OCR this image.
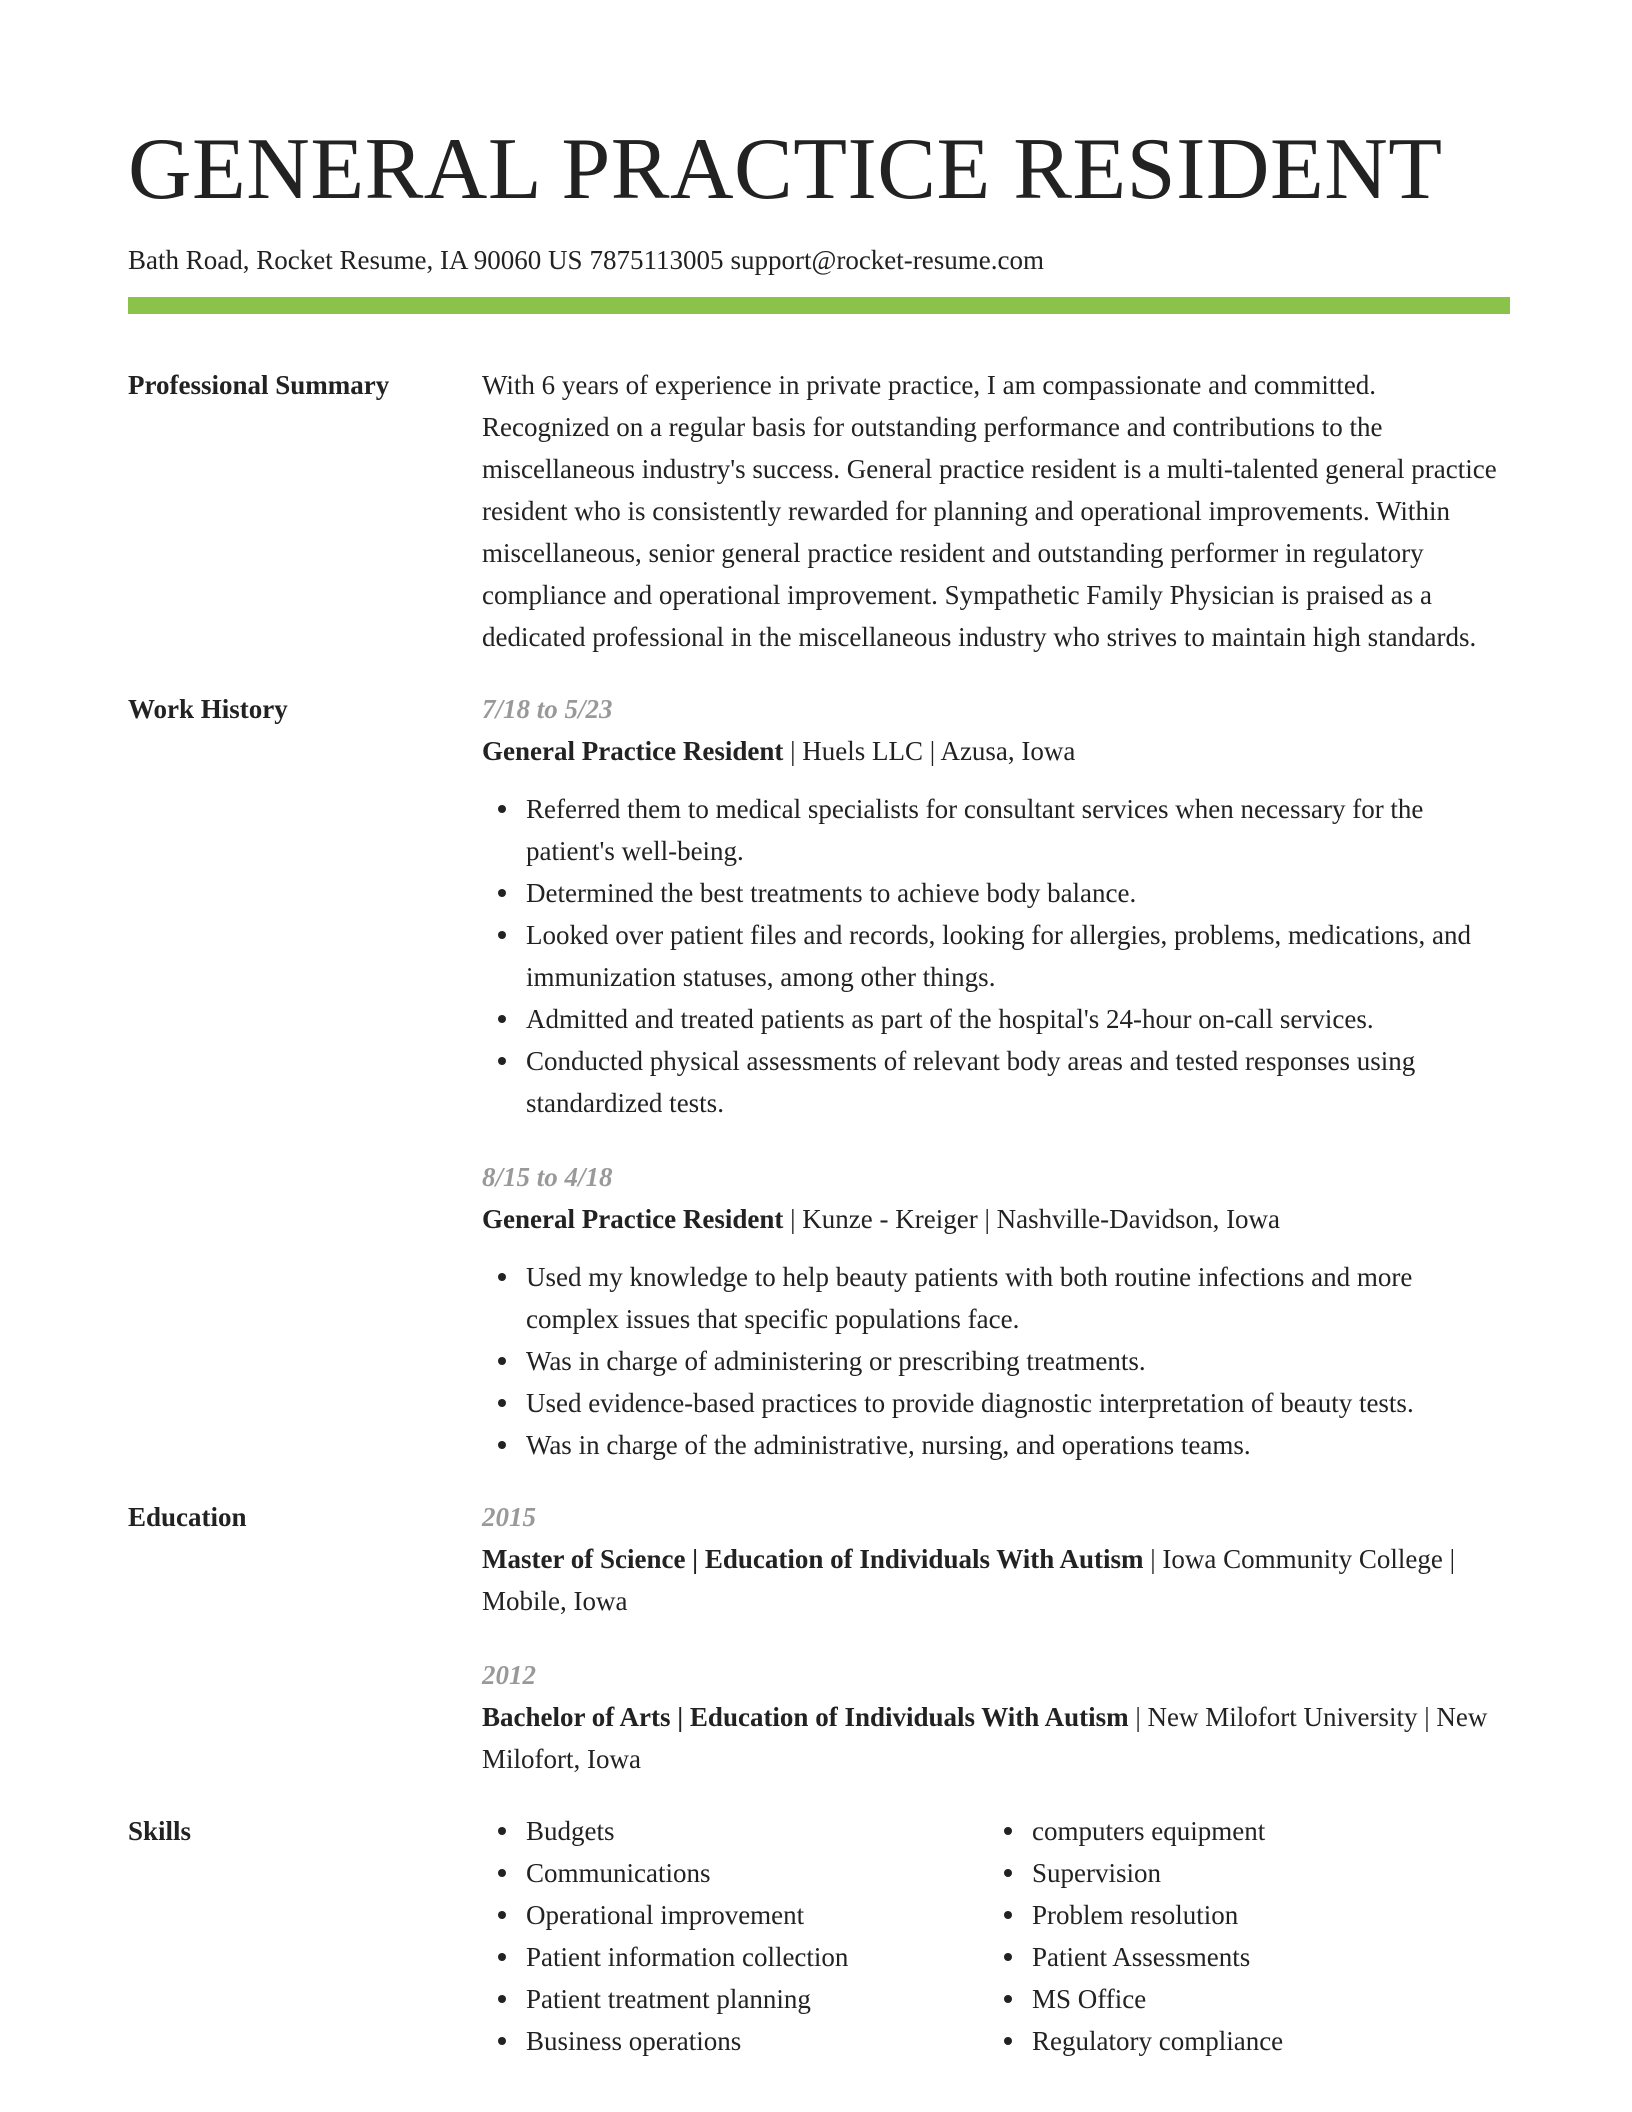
GENERAL PRACTICE RESIDENT
Bath Road, Rocket Resume, IA 90060 US 7875113005 support@rocket-resume.com
Professional Summary	With 6 years of experience in private practice, I am compassionate and committed. Recognized on a regular basis for outstanding performance and contributions to the miscellaneous industry's success. General practice resident is a multi-talented general practice resident who is consistently rewarded for planning and operational improvements. Within miscellaneous, senior general practice resident and outstanding performer in regulatory compliance and operational improvement. Sympathetic Family Physician is praised as a dedicated professional in the miscellaneous industry who strives to maintain high standards.

Work History	7/18 to 5/23
General Practice Resident | Huels LLC | Azusa, Iowa
Referred them to medical specialists for consultant services when necessary for the patient's well-being.
Determined the best treatments to achieve body balance.
Looked over patient files and records, looking for allergies, problems, medications, and immunization statuses, among other things.
Admitted and treated patients as part of the hospital's 24-hour on-call services.
Conducted physical assessments of relevant body areas and tested responses using standardized tests.
8/15 to 4/18
General Practice Resident | Kunze - Kreiger | Nashville-Davidson, Iowa
Used my knowledge to help beauty patients with both routine infections and more complex issues that specific populations face.
Was in charge of administering or prescribing treatments.
Used evidence-based practices to provide diagnostic interpretation of beauty tests.
Was in charge of the administrative, nursing, and operations teams.
Education	2015
Master of Science | Education of Individuals With Autism | Iowa Community College | Mobile, Iowa
2012
Bachelor of Arts | Education of Individuals With Autism | New Milofort University | New Milofort, Iowa
Skills	Budgets
Communications
Operational improvement
Patient information collection
Patient treatment planning
Business operations
computers equipment
Supervision
Problem resolution
Patient Assessments
MS Office
Regulatory compliance
